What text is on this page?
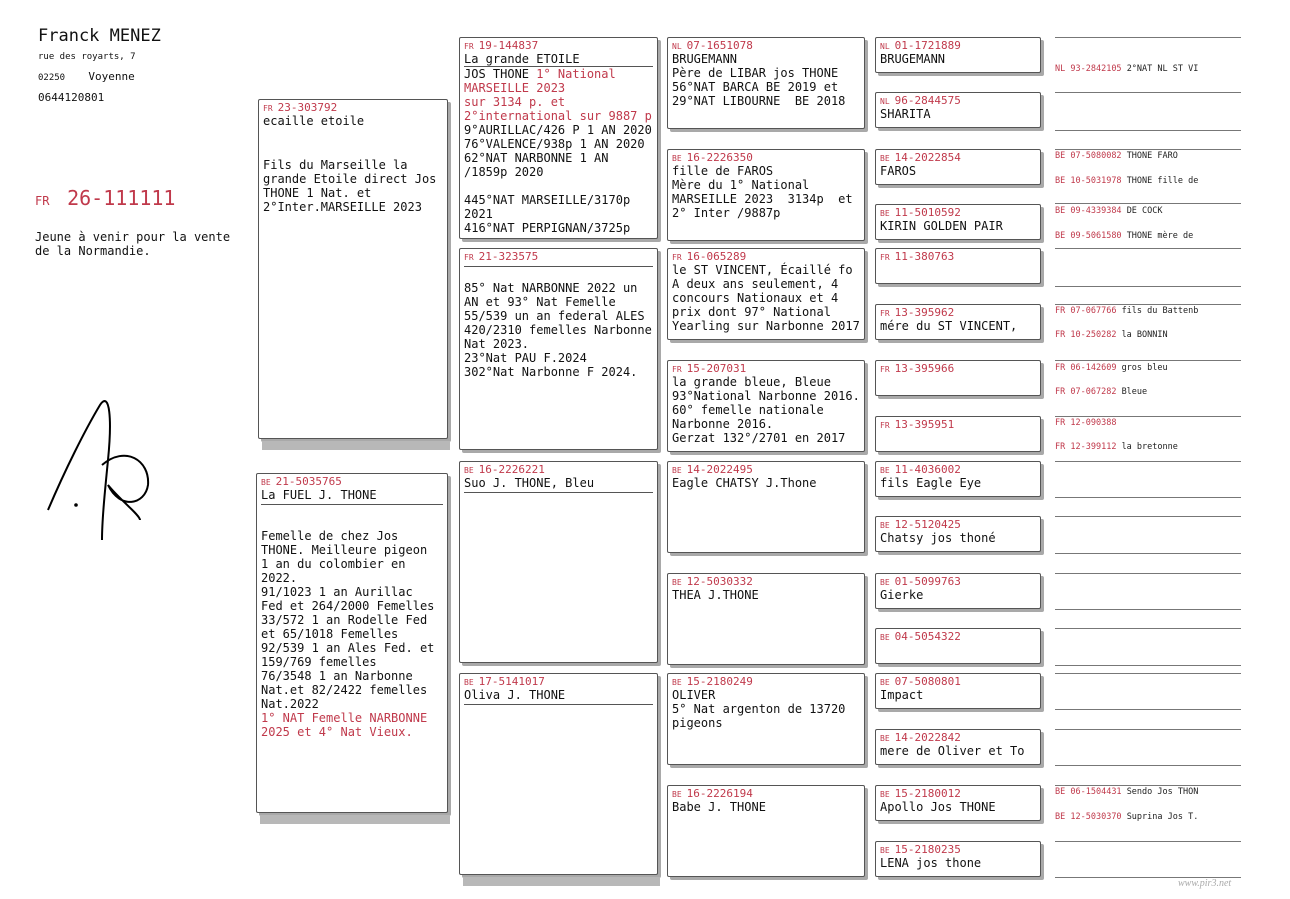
Franck MENEZ
rue des royarts, 7
02250 Voyenne
0644120801
FR 26-111111
Jeune à venir pour la vente
de la Normandie.
FR 23-303792
ecaille etoile
Fils du Marseille la
grande Etoile direct Jos
THONE 1 Nat. et
2°Inter.MARSEILLE 2023
BE 21-5035765
La FUEL J. THONE
Femelle de chez Jos
THONE. Meilleure pigeon
1 an du colombier en
2022.
91/1023 1 an Aurillac
Fed et 264/2000 Femelles
33/572 1 an Rodelle Fed
et 65/1018 Femelles
92/539 1 an Ales Fed. et
159/769 femelles
76/3548 1 an Narbonne
Nat.et 82/2422 femelles
Nat.2022
1° NAT Femelle NARBONNE
2025 et 4° Nat Vieux.
FR 19-144837
La grande ETOILE
JOS THONE 1° National
MARSEILLE 2023
sur 3134 p. et
2°international sur 9887 p
9°AURILLAC/426 P 1 AN 2020
76°VALENCE/938p 1 AN 2020
62°NAT NARBONNE 1 AN
/1859p 2020

445°NAT MARSEILLE/3170p
2021
416°NAT PERPIGNAN/3725p
FR 21-323575
85° Nat NARBONNE 2022 un
AN et 93° Nat Femelle
55/539 un an federal ALES
420/2310 femelles Narbonne
Nat 2023.
23°Nat PAU F.2024
302°Nat Narbonne F 2024.
BE 16-2226221
Suo J. THONE, Bleu
BE 17-5141017
Oliva J. THONE
NL 07-1651078
BRUGEMANN
Père de LIBAR jos THONE
56°NAT BARCA BE 2019 et
29°NAT LIBOURNE  BE 2018
BE 16-2226350
fille de FAROS
Mère du 1° National
MARSEILLE 2023  3134p  et
2° Inter /9887p
FR 16-065289
le ST VINCENT, Écaillé fo
A deux ans seulement, 4
concours Nationaux et 4
prix dont 97° National
Yearling sur Narbonne 2017
FR 15-207031
la grande bleue, Bleue
93°National Narbonne 2016.
60° femelle nationale
Narbonne 2016.
Gerzat 132°/2701 en 2017
BE 14-2022495
Eagle CHATSY J.Thone
BE 12-5030332
THEA J.THONE
BE 15-2180249
OLIVER
5° Nat argenton de 13720
pigeons
BE 16-2226194
Babe J. THONE
NL 01-1721889
BRUGEMANN
NL 96-2844575
SHARITA
BE 14-2022854
FAROS
BE 11-5010592
KIRIN GOLDEN PAIR
FR 11-380763
FR 13-395962
mére du ST VINCENT,
FR 13-395966
FR 13-395951
BE 11-4036002
fils Eagle Eye
BE 12-5120425
Chatsy jos thoné
BE 01-5099763
Gierke
BE 04-5054322
BE 07-5080801
Impact
BE 14-2022842
mere de Oliver et To
BE 15-2180012
Apollo Jos THONE
BE 15-2180235
LENA jos thone
NL 93-2842105 2°NAT NL ST VI
BE 07-5080082 THONE FARO
BE 10-5031978 THONE fille de
BE 09-4339384 DE COCK
BE 09-5061580 THONE mère de
FR 07-067766 fils du Battenb
FR 10-250282 la BONNIN
FR 06-142609 gros bleu
FR 07-067282 Bleue
FR 12-090388
FR 12-399112 la bretonne
BE 06-1504431 Sendo Jos THON
BE 12-5030370 Suprina Jos T.
www.pir3.net
